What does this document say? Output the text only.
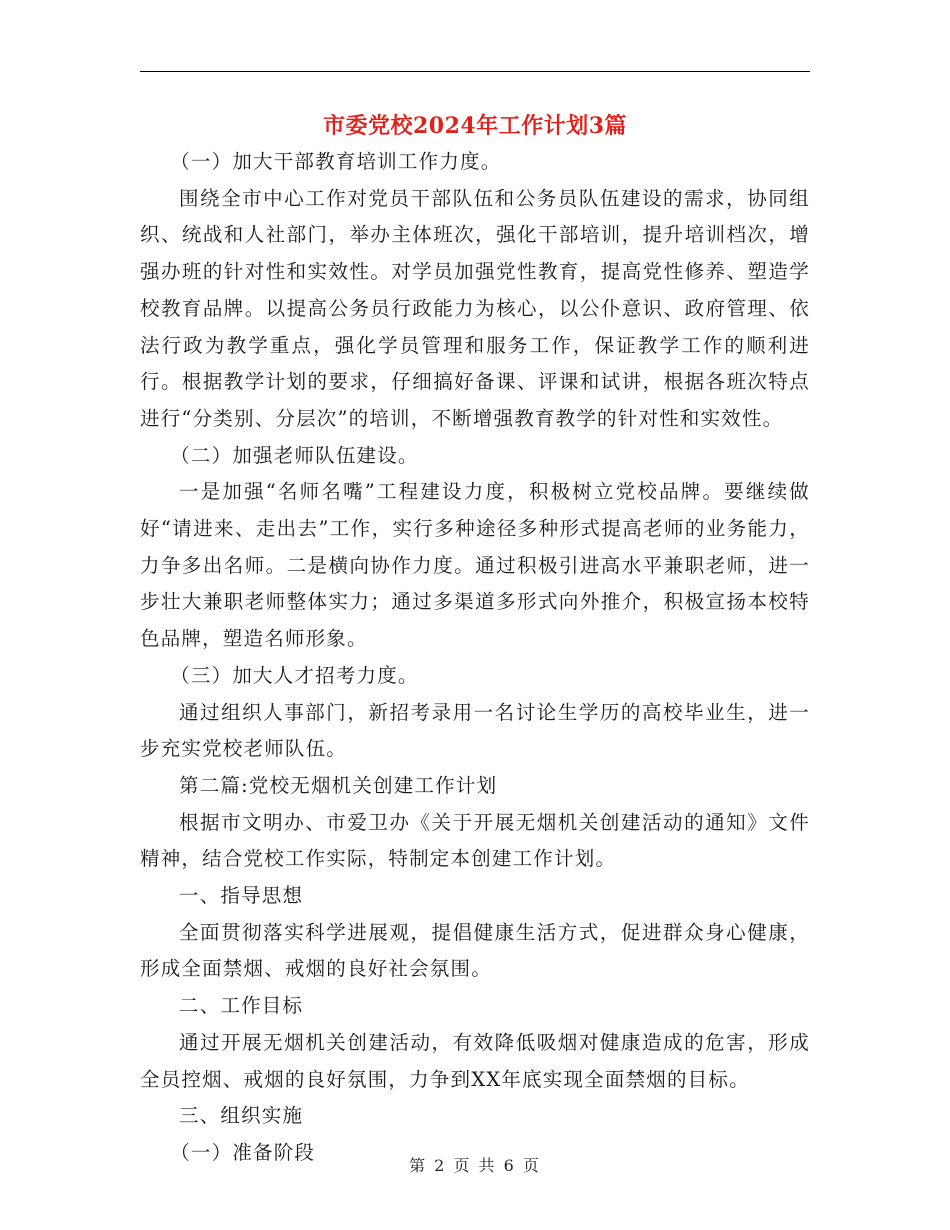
市委党校2024年工作计划3篇

（一）加大干部教育培训工作力度。

围绕全市中心工作对党员干部队伍和公务员队伍建设的需求，协同组织、统战和人社部门，举办主体班次，强化干部培训，提升培训档次，增强办班的针对性和实效性。对学员加强党性教育，提高党性修养、塑造学校教育品牌。以提高公务员行政能力为核心，以公仆意识、政府管理、依法行政为教学重点，强化学员管理和服务工作，保证教学工作的顺利进行。根据教学计划的要求，仔细搞好备课、评课和试讲，根据各班次特点进行“分类别、分层次”的培训，不断增强教育教学的针对性和实效性。

（二）加强老师队伍建设。

一是加强“名师名嘴”工程建设力度，积极树立党校品牌。要继续做好“请进来、走出去”工作，实行多种途径多种形式提高老师的业务能力，力争多出名师。二是横向协作力度。通过积极引进高水平兼职老师，进一步壮大兼职老师整体实力；通过多渠道多形式向外推介，积极宣扬本校特色品牌，塑造名师形象。

（三）加大人才招考力度。

通过组织人事部门，新招考录用一名讨论生学历的高校毕业生，进一步充实党校老师队伍。

第二篇:党校无烟机关创建工作计划

根据市文明办、市爱卫办《关于开展无烟机关创建活动的通知》文件精神，结合党校工作实际，特制定本创建工作计划。

一、指导思想

全面贯彻落实科学进展观，提倡健康生活方式，促进群众身心健康，形成全面禁烟、戒烟的良好社会氛围。

二、工作目标

通过开展无烟机关创建活动，有效降低吸烟对健康造成的危害，形成全员控烟、戒烟的良好氛围，力争到XX年底实现全面禁烟的目标。

三、组织实施

（一）准备阶段

第 2 页 共 6 页
